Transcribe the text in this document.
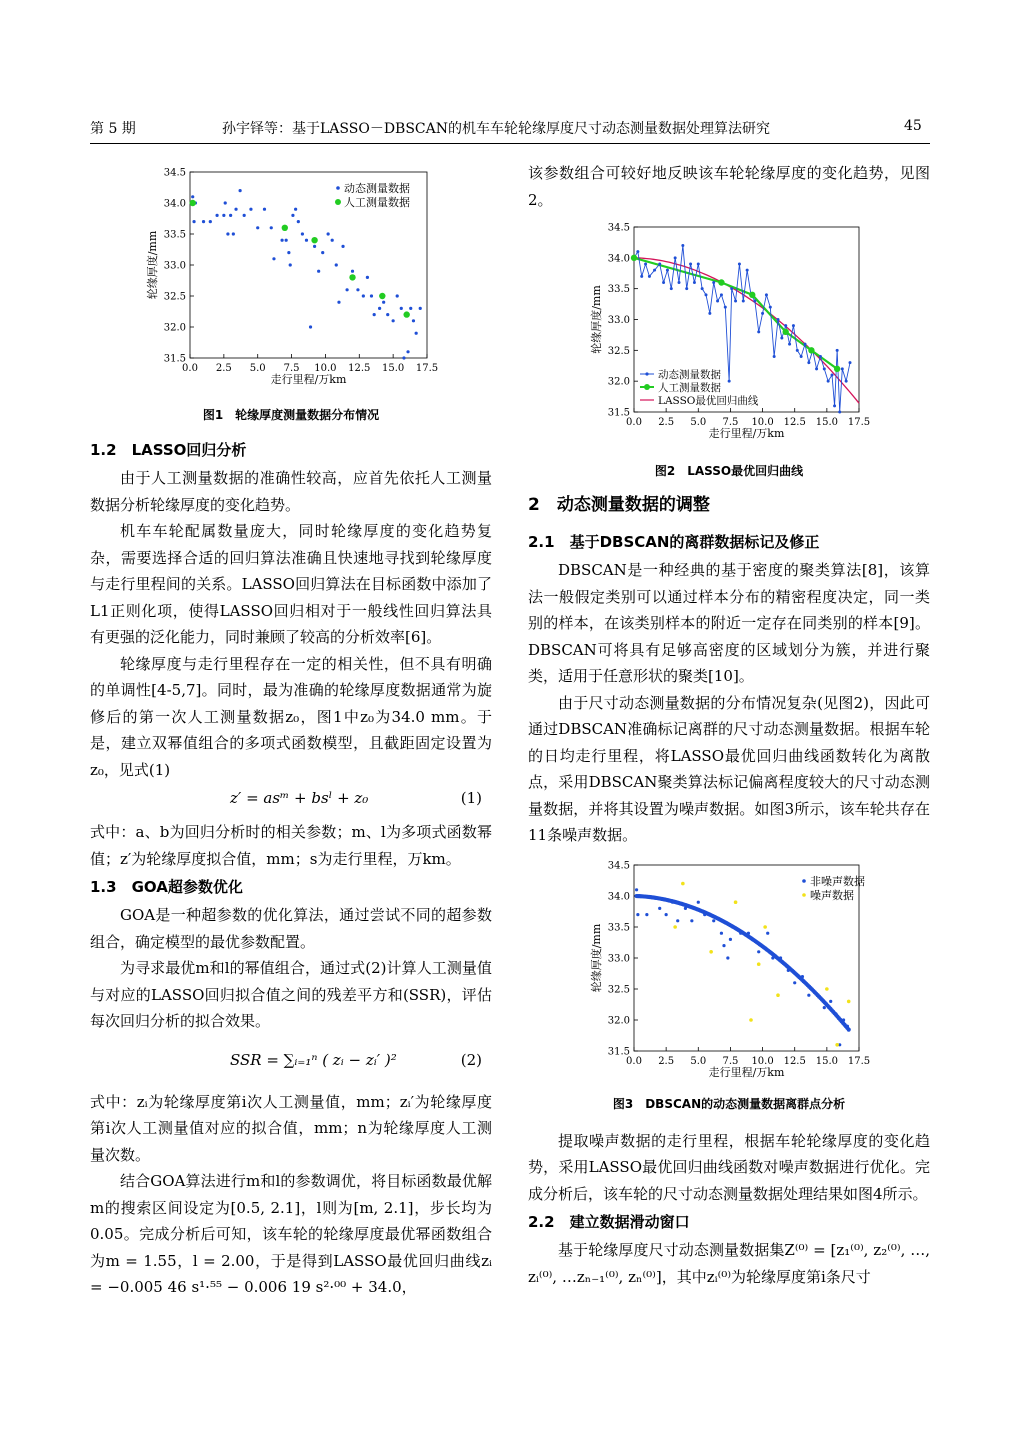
第 5 期	孙宇铎等：基于LASSO－DBSCAN的机车车轮轮缘厚度尺寸动态测量数据处理算法研究	45
0.0 2.5 5.0 7.5 10.0 12.5 15.0 17.5
31.5
32.0
32.5
33.0
33.5
34.0
34.5
走行里程/万km
轮缘厚度/mm
动态测量数据
人工测量数据
图1　轮缘厚度测量数据分布情况
1.2　LASSO回归分析

由于人工测量数据的准确性较高，应首先依托人工测量数据分析轮缘厚度的变化趋势。

机车车轮配属数量庞大，同时轮缘厚度的变化趋势复杂，需要选择合适的回归算法准确且快速地寻找到轮缘厚度与走行里程间的关系。LASSO回归算法在目标函数中添加了L1正则化项，使得LASSO回归相对于一般线性回归算法具有更强的泛化能力，同时兼顾了较高的分析效率[6]。

轮缘厚度与走行里程存在一定的相关性，但不具有明确的单调性[4-5,7]。同时，最为准确的轮缘厚度数据通常为旋修后的第一次人工测量数据z₀，图1中z₀为34.0 mm。于是，建立双幂值组合的多项式函数模型，且截距固定设置为z₀，见式(1)

z′ = asᵐ + bsˡ + z₀	(1)

式中：a、b为回归分析时的相关参数；m、l为多项式函数幂值；z′为轮缘厚度拟合值，mm；s为走行里程，万km。

1.3　GOA超参数优化

GOA是一种超参数的优化算法，通过尝试不同的超参数组合，确定模型的最优参数配置。

为寻求最优m和l的幂值组合，通过式(2)计算人工测量值与对应的LASSO回归拟合值之间的残差平方和(SSR)，评估每次回归分析的拟合效果。

SSR = ∑ᵢ₌₁ⁿ ( zᵢ − zᵢ′ )²	(2)

式中：zᵢ为轮缘厚度第i次人工测量值，mm；zᵢ′为轮缘厚度第i次人工测量值对应的拟合值，mm；n为轮缘厚度人工测量次数。

结合GOA算法进行m和l的参数调优，将目标函数最优解m的搜索区间设定为[0.5, 2.1]，l则为[m, 2.1]，步长均为0.05。完成分析后可知，该车轮的轮缘厚度最优幂函数组合为m = 1.55，l = 2.00，于是得到LASSO最优回归曲线zᵢ = −0.005 46 s¹·⁵⁵ − 0.006 19 s²·⁰⁰ + 34.0，

该参数组合可较好地反映该车轮轮缘厚度的变化趋势，见图2。

0.0 2.5 5.0 7.5 10.0 12.5 15.0 17.5
31.5
32.0
32.5
33.0
33.5
34.0
34.5
走行里程/万km
轮缘厚度/mm
动态测量数据
人工测量数据
LASSO最优回归曲线
图2　LASSO最优回归曲线
2　动态测量数据的调整
2.1　基于DBSCAN的离群数据标记及修正

DBSCAN是一种经典的基于密度的聚类算法[8]，该算法一般假定类别可以通过样本分布的精密程度决定，同一类别的样本，在该类别样本的附近一定存在同类别的样本[9]。DBSCAN可将具有足够高密度的区域划分为簇，并进行聚类，适用于任意形状的聚类[10]。

由于尺寸动态测量数据的分布情况复杂(见图2)，因此可通过DBSCAN准确标记离群的尺寸动态测量数据。根据车轮的日均走行里程，将LASSO最优回归曲线函数转化为离散点，采用DBSCAN聚类算法标记偏离程度较大的尺寸动态测量数据，并将其设置为噪声数据。如图3所示，该车轮共存在11条噪声数据。

0.0 2.5 5.0 7.5 10.0 12.5 15.0 17.5
31.5
32.0
32.5
33.0
33.5
34.0
34.5
走行里程/万km
轮缘厚度/mm
非噪声数据
噪声数据
图3　DBSCAN的动态测量数据离群点分析

提取噪声数据的走行里程，根据车轮轮缘厚度的变化趋势，采用LASSO最优回归曲线函数对噪声数据进行优化。完成分析后，该车轮的尺寸动态测量数据处理结果如图4所示。

2.2　建立数据滑动窗口

基于轮缘厚度尺寸动态测量数据集Z⁽⁰⁾ = [z₁⁽⁰⁾, z₂⁽⁰⁾, …, zᵢ⁽⁰⁾, …zₙ₋₁⁽⁰⁾, zₙ⁽⁰⁾]，其中zᵢ⁽⁰⁾为轮缘厚度第i条尺寸
